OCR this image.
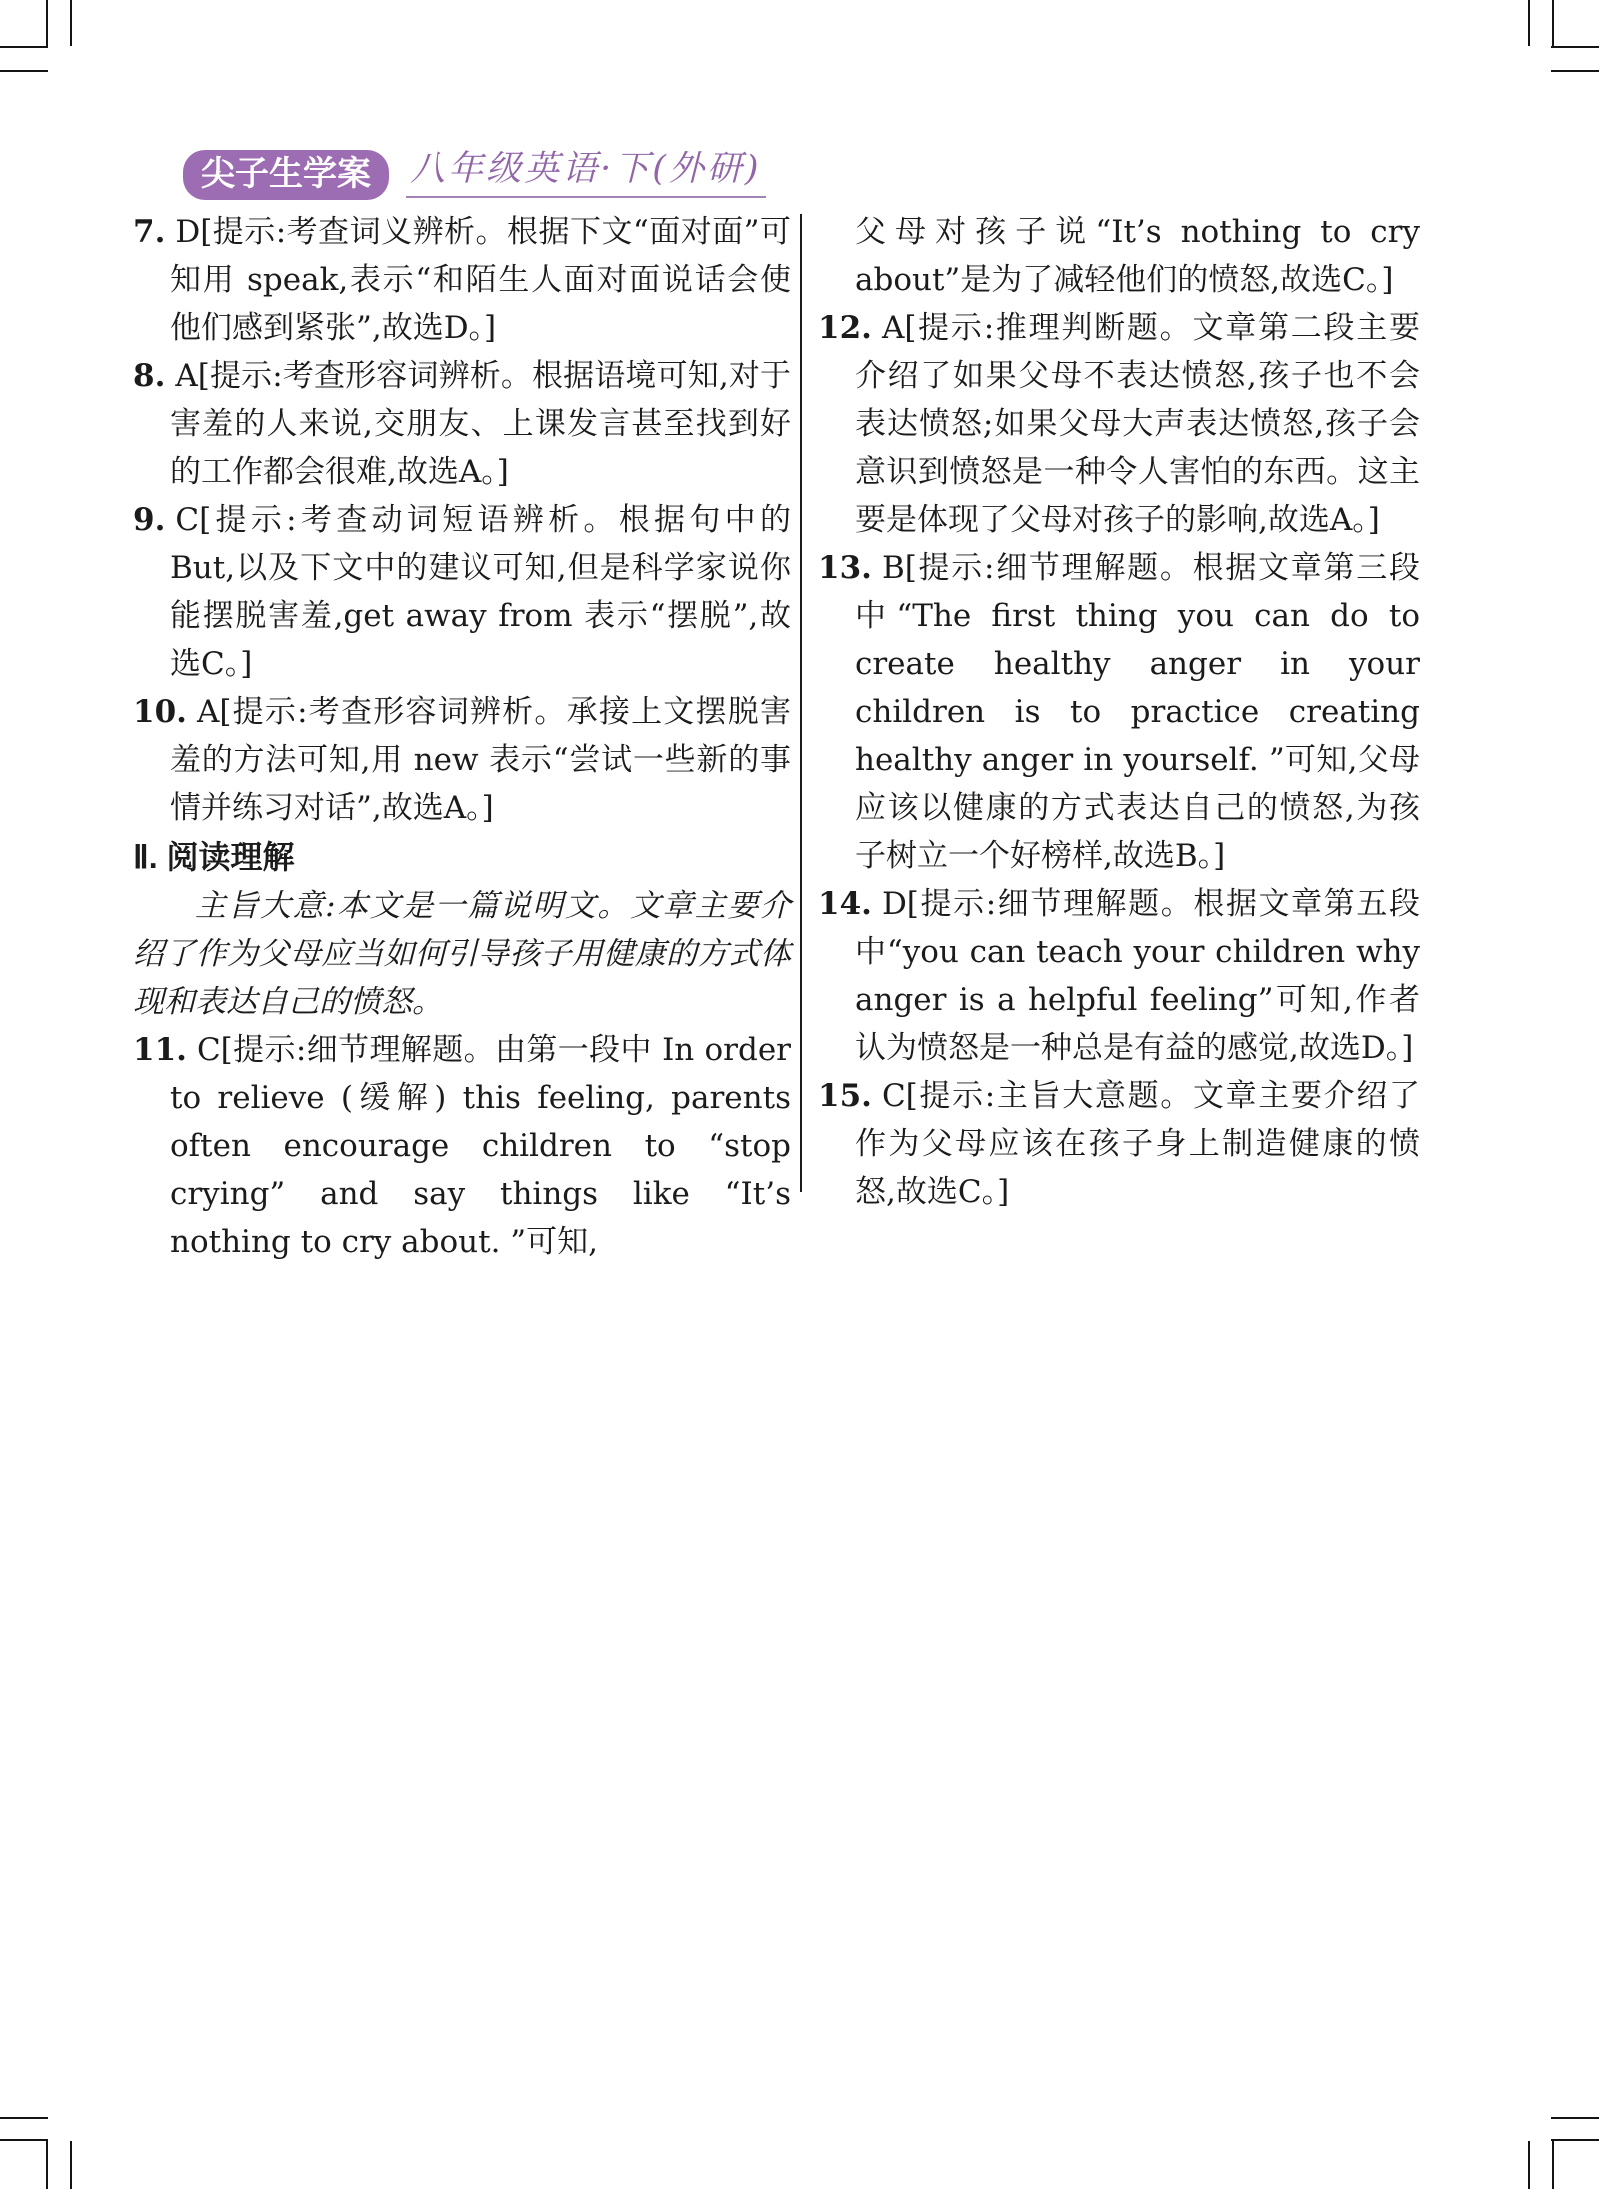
尖子生学案 八年级英语·下(外研)
7. D[提示:考查词义辨析。根据下文“面对面”可知用 speak,表示“和陌生人面对面说话会使他们感到紧张”,故选D。]
8. A[提示:考查形容词辨析。根据语境可知,对于害羞的人来说,交朋友、上课发言甚至找到好的工作都会很难,故选A。]
9. C[提示:考查动词短语辨析。根据句中的 But,以及下文中的建议可知,但是科学家说你能摆脱害羞,get away from 表示“摆脱”,故选C。]
10. A[提示:考查形容词辨析。承接上文摆脱害羞的方法可知,用 new 表示“尝试一些新的事情并练习对话”,故选A。]
Ⅱ. 阅读理解
主旨大意:本文是一篇说明文。文章主要介绍了作为父母应当如何引导孩子用健康的方式体现和表达自己的愤怒。
11. C[提示:细节理解题。由第一段中 In order to relieve (缓解) this feeling, parents often encourage children to “stop crying” and say things like “It’s nothing to cry about. ”可知,
父母对孩子说“It’s nothing to cry about”是为了减轻他们的愤怒,故选C。]
12. A[提示:推理判断题。文章第二段主要介绍了如果父母不表达愤怒,孩子也不会表达愤怒;如果父母大声表达愤怒,孩子会意识到愤怒是一种令人害怕的东西。这主要是体现了父母对孩子的影响,故选A。]
13. B[提示:细节理解题。根据文章第三段中“The first thing you can do to create healthy anger in your children is to practice creating healthy anger in yourself. ”可知,父母应该以健康的方式表达自己的愤怒,为孩子树立一个好榜样,故选B。]
14. D[提示:细节理解题。根据文章第五段中“you can teach your children why anger is a helpful feeling”可知,作者认为愤怒是一种总是有益的感觉,故选D。]
15. C[提示:主旨大意题。文章主要介绍了作为父母应该在孩子身上制造健康的愤怒,故选C。]
